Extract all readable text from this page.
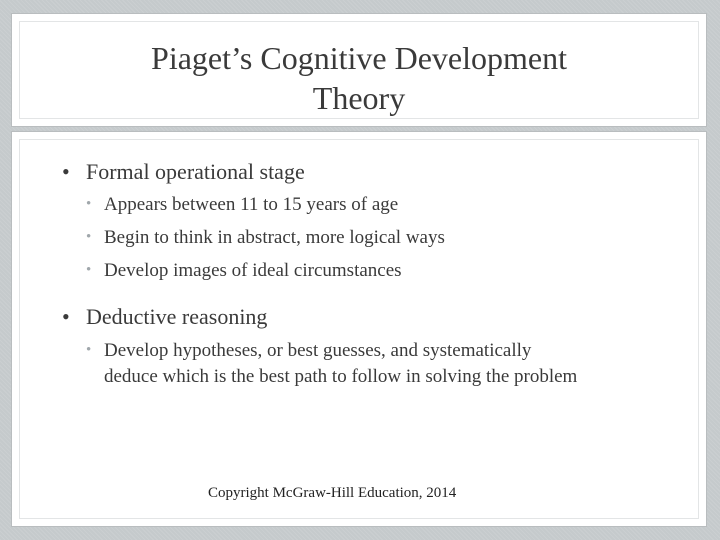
Piaget’s Cognitive Development
Theory
• Formal operational stage
• Appears between 11 to 15 years of age
• Begin to think in abstract, more logical ways
• Develop images of ideal circumstances
• Deductive reasoning
• Develop hypotheses, or best guesses, and systematically
deduce which is the best path to follow in solving the problem
Copyright McGraw-Hill Education, 2014
